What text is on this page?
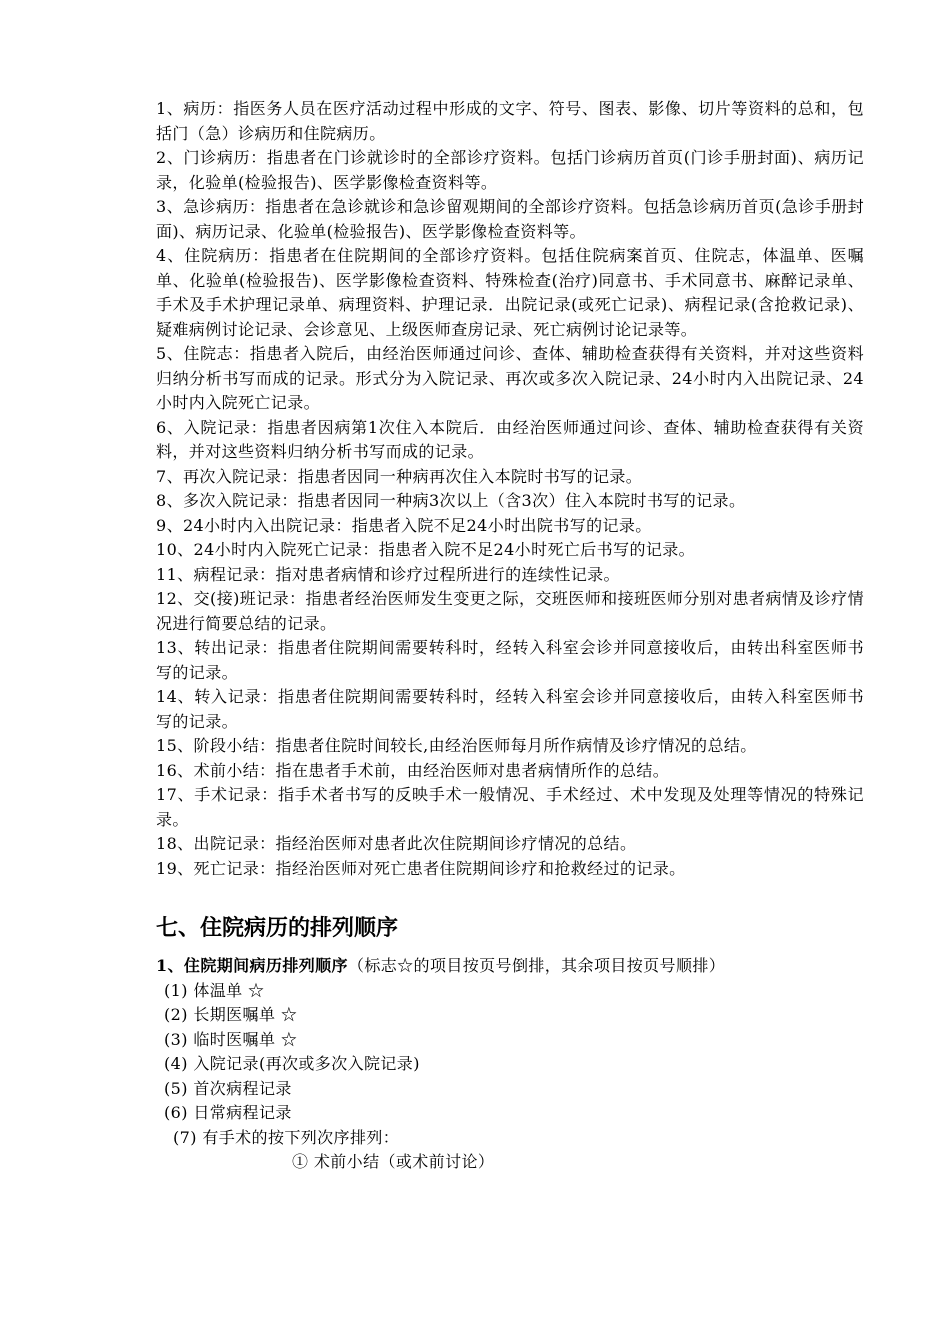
1、病历：指医务人员在医疗活动过程中形成的文字、符号、图表、影像、切片等资料的总和，包括门（急）诊病历和住院病历。

2、门诊病历：指患者在门诊就诊时的全部诊疗资料。包括门诊病历首页(门诊手册封面)、病历记录，化验单(检验报告)、医学影像检查资料等。

3、急诊病历：指患者在急诊就诊和急诊留观期间的全部诊疗资料。包括急诊病历首页(急诊手册封面)、病历记录、化验单(检验报告)、医学影像检查资料等。

4、住院病历：指患者在住院期间的全部诊疗资料。包括住院病案首页、住院志，体温单、医嘱单、化验单(检验报告)、医学影像检查资料、特殊检查(治疗)同意书、手术同意书、麻醉记录单、手术及手术护理记录单、病理资料、护理记录．出院记录(或死亡记录)、病程记录(含抢救记录)、疑难病例讨论记录、会诊意见、上级医师查房记录、死亡病例讨论记录等。

5、住院志：指患者入院后，由经治医师通过问诊、查体、辅助检查获得有关资料，并对这些资料归纳分析书写而成的记录。形式分为入院记录、再次或多次入院记录、24小时内入出院记录、24小时内入院死亡记录。

6、入院记录：指患者因病第1次住入本院后．由经治医师通过问诊、查体、辅助检查获得有关资料，并对这些资料归纳分析书写而成的记录。

7、再次入院记录：指患者因同一种病再次住入本院时书写的记录。

8、多次入院记录：指患者因同一种病3次以上（含3次）住入本院时书写的记录。

9、24小时内入出院记录：指患者入院不足24小时出院书写的记录。

10、24小时内入院死亡记录：指患者入院不足24小时死亡后书写的记录。

11、病程记录：指对患者病情和诊疗过程所进行的连续性记录。

12、交(接)班记录：指患者经治医师发生变更之际，交班医师和接班医师分别对患者病情及诊疗情况进行简要总结的记录。

13、转出记录：指患者住院期间需要转科时，经转入科室会诊并同意接收后，由转出科室医师书写的记录。

14、转入记录：指患者住院期间需要转科时，经转入科室会诊并同意接收后，由转入科室医师书写的记录。

15、阶段小结：指患者住院时间较长,由经治医师每月所作病情及诊疗情况的总结。

16、术前小结：指在患者手术前，由经治医师对患者病情所作的总结。

17、手术记录：指手术者书写的反映手术一般情况、手术经过、术中发现及处理等情况的特殊记录。

18、出院记录：指经治医师对患者此次住院期间诊疗情况的总结。

19、死亡记录：指经治医师对死亡患者住院期间诊疗和抢救经过的记录。

七、住院病历的排列顺序
1、住院期间病历排列顺序（标志☆的项目按页号倒排，其余项目按页号顺排）
(1) 体温单 ☆
(2) 长期医嘱单 ☆
(3) 临时医嘱单 ☆
(4) 入院记录(再次或多次入院记录)
(5) 首次病程记录
(6) 日常病程记录
(7) 有手术的按下列次序排列：
① 术前小结（或术前讨论）
